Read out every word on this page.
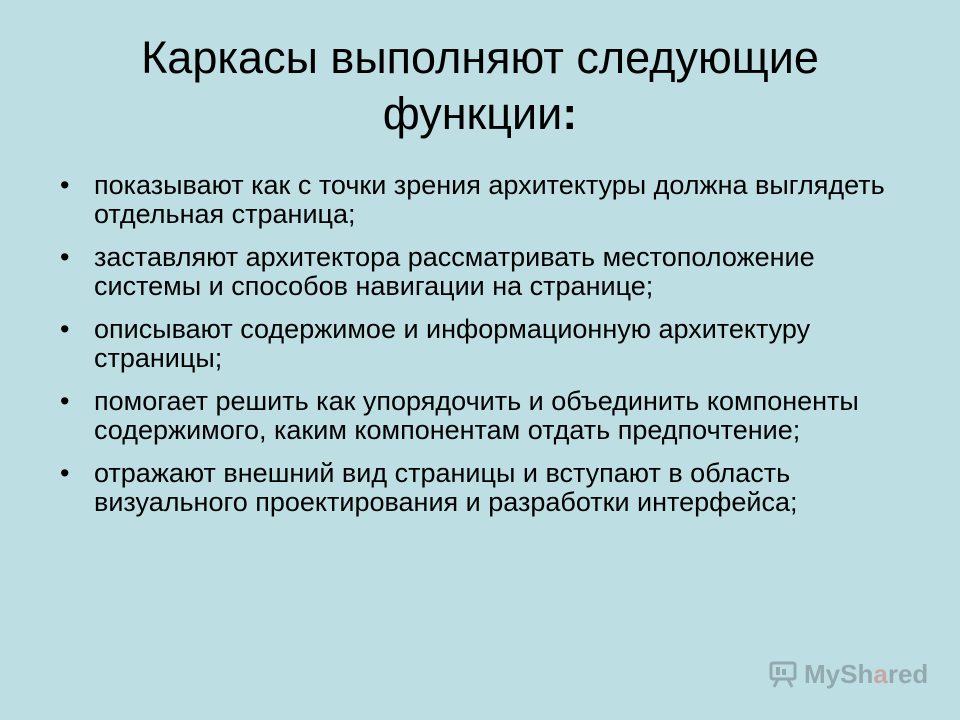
Каркасы выполняют следующие функции:
• показывают как с точки зрения архитектуры должна выглядеть отдельная страница;
• заставляют архитектора рассматривать местоположение системы и способов навигации на странице;
• описывают содержимое и информационную архитектуру страницы;
• помогает решить как упорядочить и объединить компоненты содержимого, каким компонентам отдать предпочтение;
• отражают внешний вид страницы и вступают в область визуального проектирования и разработки интерфейса;
MyShared
